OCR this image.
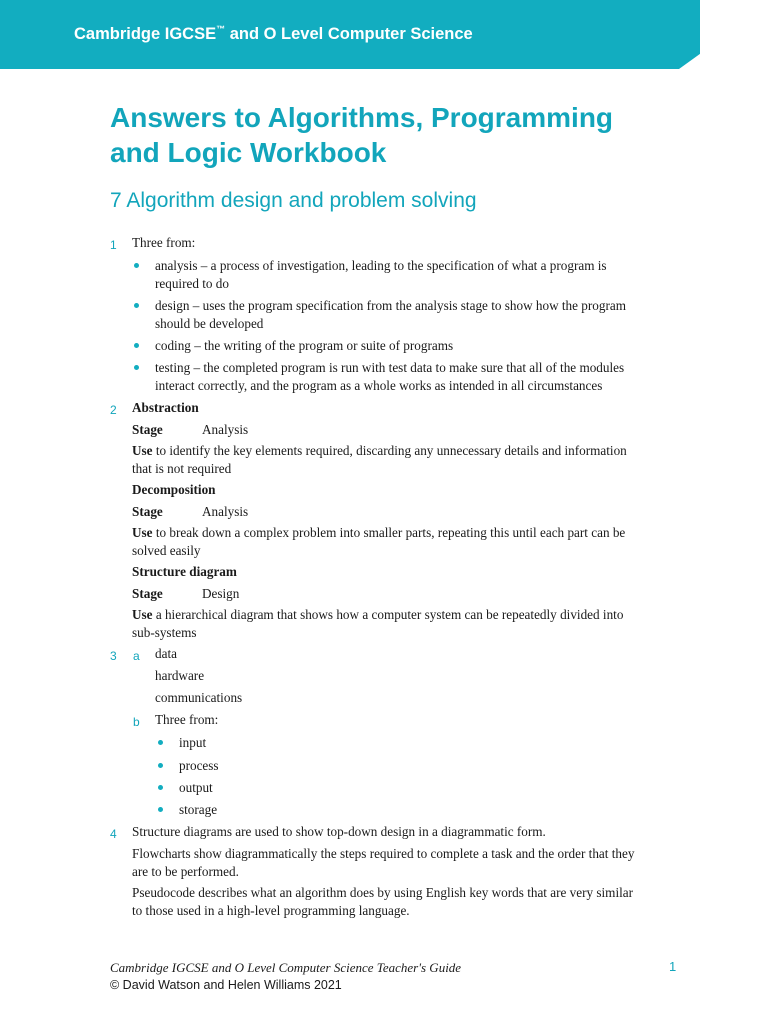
Cambridge IGCSE™ and O Level Computer Science
Answers to Algorithms, Programming
and Logic Workbook
7 Algorithm design and problem solving
1 Three from:
analysis – a process of investigation, leading to the specification of what a program is
required to do
design – uses the program specification from the analysis stage to show how the program
should be developed
coding – the writing of the program or suite of programs
testing – the completed program is run with test data to make sure that all of the modules
interact correctly, and the program as a whole works as intended in all circumstances
2 Abstraction
Stage	Analysis
Use to identify the key elements required, discarding any unnecessary details and information
that is not required
Decomposition
Stage	Analysis
Use to break down a complex problem into smaller parts, repeating this until each part can be
solved easily
Structure diagram
Stage	Design
Use a hierarchical diagram that shows how a computer system can be repeatedly divided into
sub-systems
3 a data
hardware
communications
b Three from:
input
process
output
storage
4 Structure diagrams are used to show top-down design in a diagrammatic form.
Flowcharts show diagrammatically the steps required to complete a task and the order that they
are to be performed.
Pseudocode describes what an algorithm does by using English key words that are very similar
to those used in a high-level programming language.
Cambridge IGCSE and O Level Computer Science Teacher's Guide
© David Watson and Helen Williams 2021
1
